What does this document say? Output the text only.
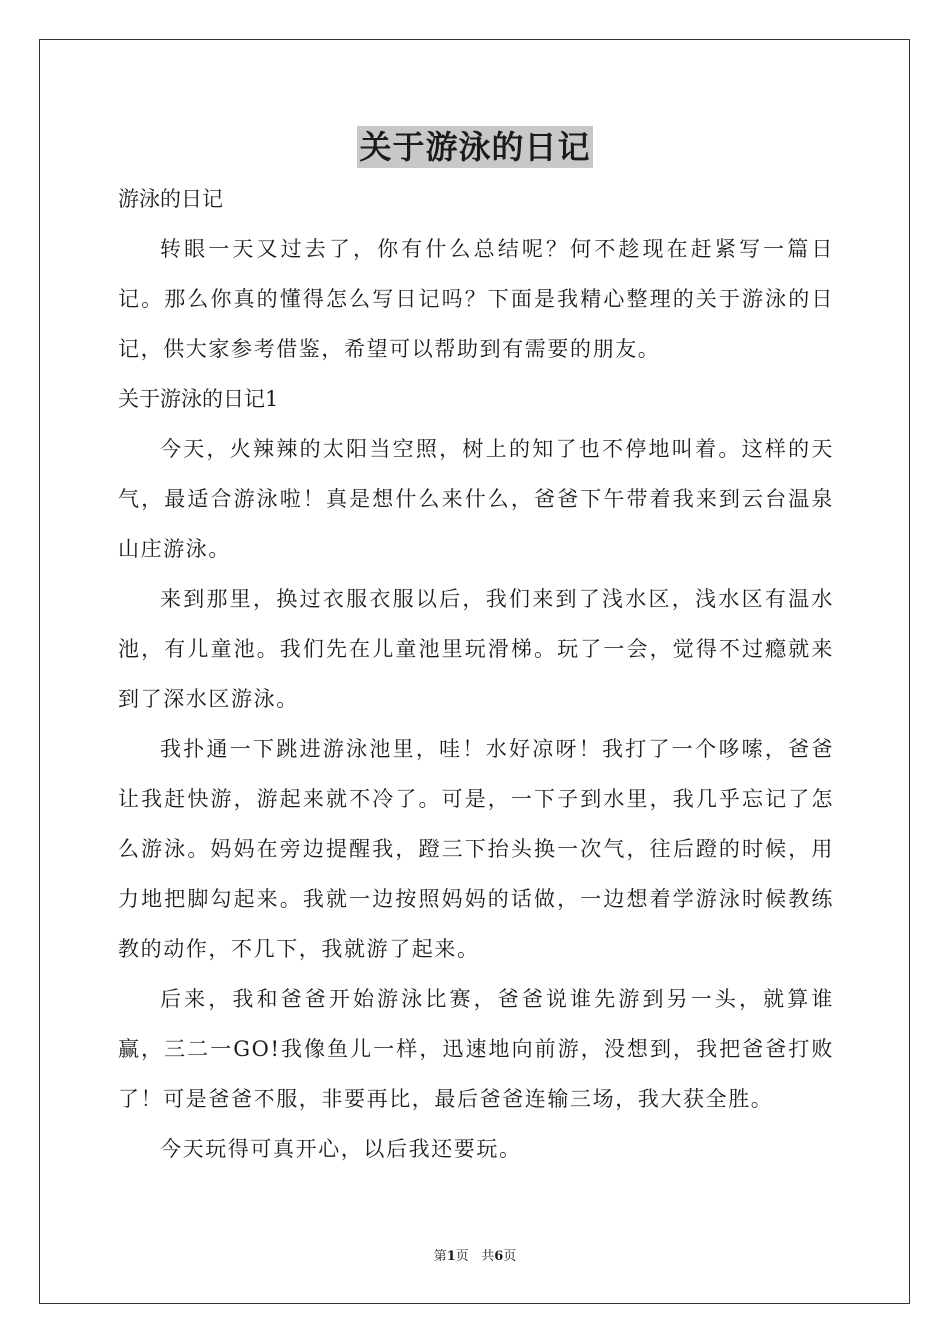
关于游泳的日记

游泳的日记

转眼一天又过去了，你有什么总结呢？何不趁现在赶紧写一篇日记。那么你真的懂得怎么写日记吗？下面是我精心整理的关于游泳的日记，供大家参考借鉴，希望可以帮助到有需要的朋友。

关于游泳的日记1

今天，火辣辣的太阳当空照，树上的知了也不停地叫着。这样的天气，最适合游泳啦！真是想什么来什么，爸爸下午带着我来到云台温泉山庄游泳。

来到那里，换过衣服衣服以后，我们来到了浅水区，浅水区有温水池，有儿童池。我们先在儿童池里玩滑梯。玩了一会，觉得不过瘾就来到了深水区游泳。

我扑通一下跳进游泳池里，哇！水好凉呀！我打了一个哆嗦，爸爸让我赶快游，游起来就不冷了。可是，一下子到水里，我几乎忘记了怎么游泳。妈妈在旁边提醒我，蹬三下抬头换一次气，往后蹬的时候，用力地把脚勾起来。我就一边按照妈妈的话做，一边想着学游泳时候教练教的动作，不几下，我就游了起来。

后来，我和爸爸开始游泳比赛，爸爸说谁先游到另一头，就算谁赢，三二一GO!我像鱼儿一样，迅速地向前游，没想到，我把爸爸打败了！可是爸爸不服，非要再比，最后爸爸连输三场，我大获全胜。

今天玩得可真开心，以后我还要玩。

第1页 共6页
